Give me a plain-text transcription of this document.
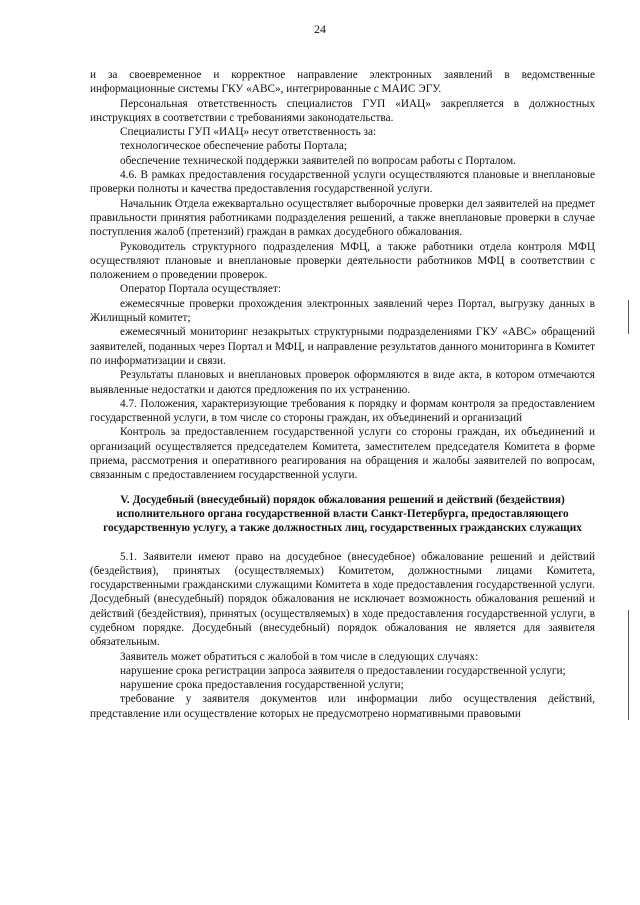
24

и за своевременное и корректное направление электронных заявлений в ведомственные информационные системы ГКУ «АВС», интегрированные с МАИС ЭГУ.

Персональная ответственность специалистов ГУП «ИАЦ» закрепляется в должностных инструкциях в соответствии с требованиями законодательства.

Специалисты ГУП «ИАЦ» несут ответственность за:

технологическое обеспечение работы Портала;

обеспечение технической поддержки заявителей по вопросам работы с Порталом.

4.6. В рамках предоставления государственной услуги осуществляются плановые и внеплановые проверки полноты и качества предоставления государственной услуги.

Начальник Отдела ежеквартально осуществляет выборочные проверки дел заявителей на предмет правильности принятия работниками подразделения решений, а также внеплановые проверки в случае поступления жалоб (претензий) граждан в рамках досудебного обжалования.

Руководитель структурного подразделения МФЦ, а также работники отдела контроля МФЦ осуществляют плановые и внеплановые проверки деятельности работников МФЦ в соответствии с положением о проведении проверок.

Оператор Портала осуществляет:

ежемесячные проверки прохождения электронных заявлений через Портал, выгрузку данных в Жилищный комитет;

ежемесячный мониторинг незакрытых структурными подразделениями ГКУ «АВС» обращений заявителей, поданных через Портал и МФЦ, и направление результатов данного мониторинга в Комитет по информатизации и связи.

Результаты плановых и внеплановых проверок оформляются в виде акта, в котором отмечаются выявленные недостатки и даются предложения по их устранению.

4.7. Положения, характеризующие требования к порядку и формам контроля за предоставлением государственной услуги, в том числе со стороны граждан, их объединений и организаций

Контроль за предоставлением государственной услуги со стороны граждан, их объединений и организаций осуществляется председателем Комитета, заместителем председателя Комитета в форме приема, рассмотрения и оперативного реагирования на обращения и жалобы заявителей по вопросам, связанным с предоставлением государственной услуги.

V. Досудебный (внесудебный) порядок обжалования решений и действий (бездействия) исполнительного органа государственной власти Санкт-Петербурга, предоставляющего государственную услугу, а также должностных лиц, государственных гражданских служащих

5.1. Заявители имеют право на досудебное (внесудебное) обжалование решений и действий (бездействия), принятых (осуществляемых) Комитетом, должностными лицами Комитета, государственными гражданскими служащими Комитета в ходе предоставления государственной услуги. Досудебный (внесудебный) порядок обжалования не исключает возможность обжалования решений и действий (бездействия), принятых (осуществляемых) в ходе предоставления государственной услуги, в судебном порядке. Досудебный (внесудебный) порядок обжалования не является для заявителя обязательным.

Заявитель может обратиться с жалобой в том числе в следующих случаях:

нарушение срока регистрации запроса заявителя о предоставлении государственной услуги;

нарушение срока предоставления государственной услуги;

требование у заявителя документов или информации либо осуществления действий, представление или осуществление которых не предусмотрено нормативными правовыми
